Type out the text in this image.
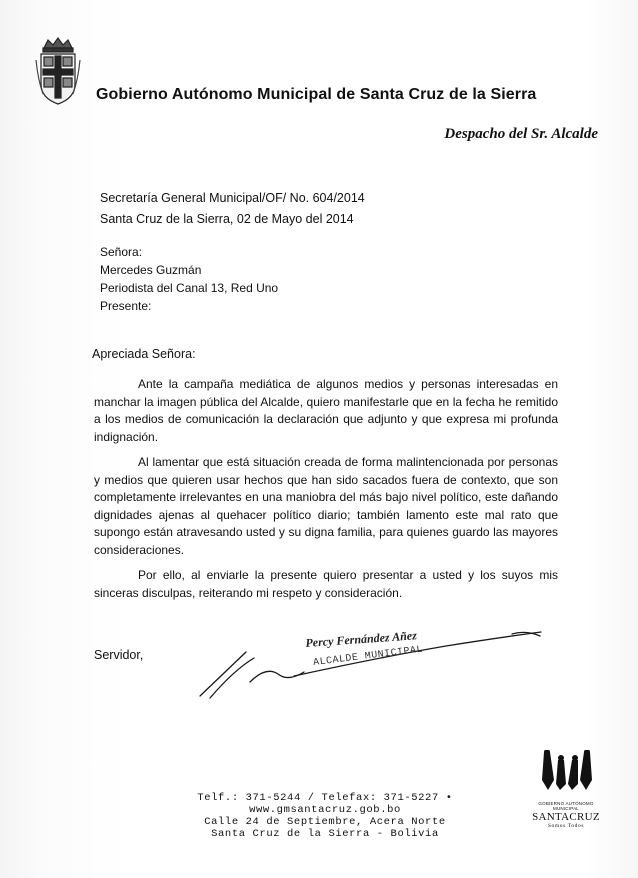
Gobierno Autónomo Municipal de Santa Cruz de la Sierra
Despacho del Sr. Alcalde
Secretaría General Municipal/OF/ No. 604/2014
Santa Cruz de la Sierra, 02 de Mayo del 2014
Señora:
Mercedes Guzmán
Periodista del Canal 13, Red Uno
Presente:
Apreciada Señora:

Ante la campaña mediática de algunos medios y personas interesadas en manchar la imagen pública del Alcalde, quiero manifestarle que en la fecha he remitido a los medios de comunicación la declaración que adjunto y que expresa mi profunda indignación.

Al lamentar que está situación creada de forma malintencionada por personas y medios que quieren usar hechos que han sido sacados fuera de contexto, que son completamente irrelevantes en una maniobra del más bajo nivel político, este dañando dignidades ajenas al quehacer político diario; también lamento este mal rato que supongo están atravesando usted y su digna familia, para quienes guardo las mayores consideraciones.

Por ello, al enviarle la presente quiero presentar a usted y los suyos mis sinceras disculpas, reiterando mi respeto y consideración.

Servidor,
Percy Fernández Añez
ALCALDE MUNICIPAL
Telf.: 371-5244 / Telefax: 371-5227 • www.gmsantacruz.gob.bo
Calle 24 de Septiembre, Acera Norte
Santa Cruz de la Sierra - Bolivia
GOBIERNO AUTÓNOMO MUNICIPAL
SANTACRUZ
Somos Todos
